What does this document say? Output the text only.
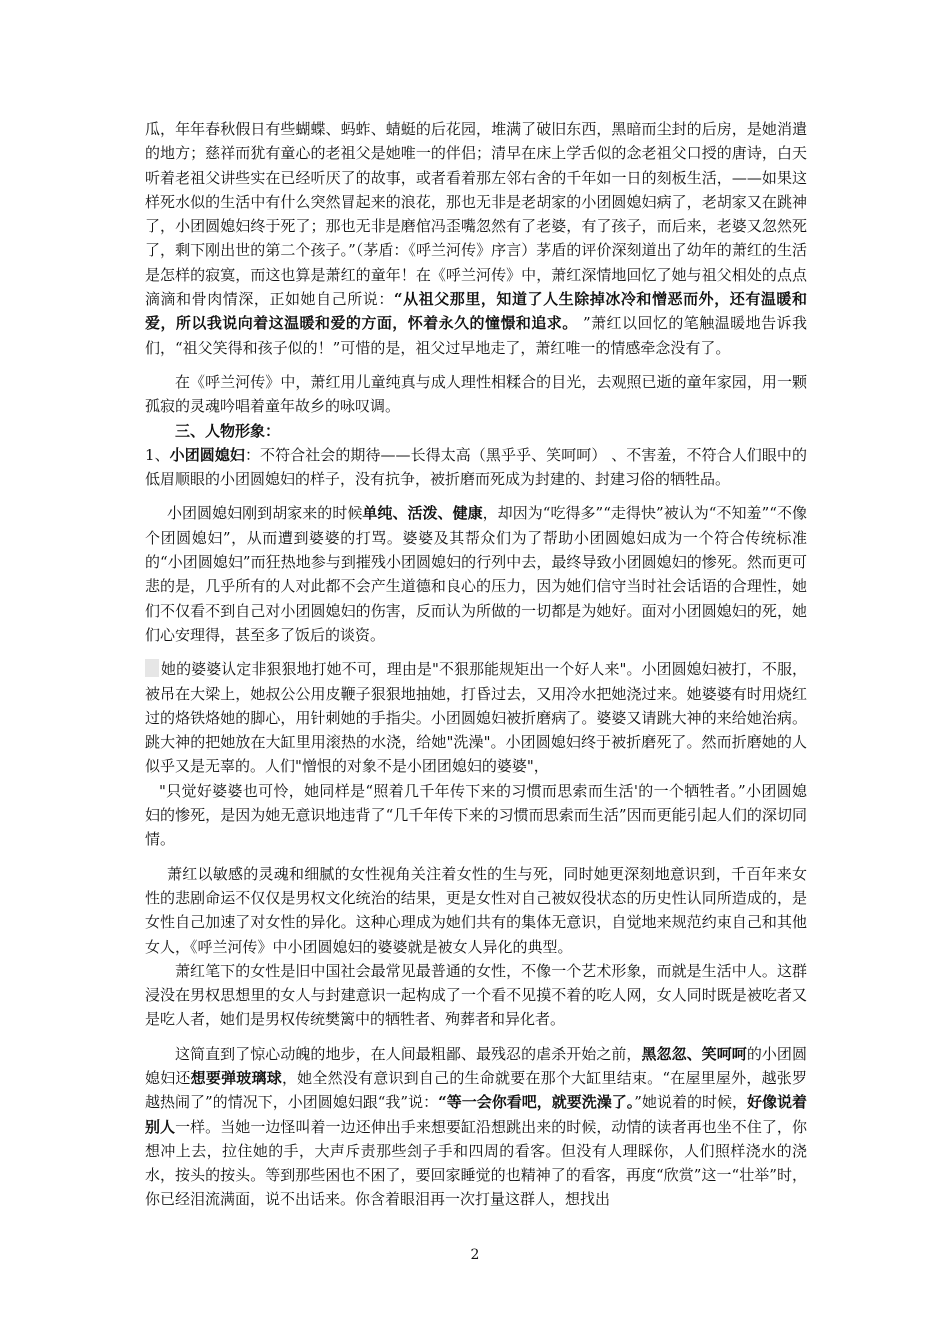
瓜，年年春秋假日有些蝴蝶、蚂蚱、蜻蜓的后花园，堆满了破旧东西，黑暗而尘封的后房，是她消遣的地方；慈祥而犹有童心的老祖父是她唯一的伴侣；清早在床上学舌似的念老祖父口授的唐诗，白天听着老祖父讲些实在已经听厌了的故事，或者看着那左邻右舍的千年如一日的刻板生活，——如果这样死水似的生活中有什么突然冒起来的浪花，那也无非是老胡家的小团圆媳妇病了，老胡家又在跳神了，小团圆媳妇终于死了；那也无非是磨倌冯歪嘴忽然有了老婆，有了孩子，而后来，老婆又忽然死了，剩下刚出世的第二个孩子。”（茅盾：《呼兰河传》序言）茅盾的评价深刻道出了幼年的萧红的生活是怎样的寂寞，而这也算是萧红的童年！在《呼兰河传》中，萧红深情地回忆了她与祖父相处的点点滴滴和骨肉情深，正如她自己所说：“从祖父那里，知道了人生除掉冰冷和憎恶而外，还有温暖和爱，所以我说向着这温暖和爱的方面，怀着永久的憧憬和追求。 ”萧红以回忆的笔触温暖地告诉我们，“祖父笑得和孩子似的！”可惜的是，祖父过早地走了，萧红唯一的情感牵念没有了。

在《呼兰河传》中，萧红用儿童纯真与成人理性相糅合的目光，去观照已逝的童年家园，用一颗孤寂的灵魂吟唱着童年故乡的咏叹调。

三、人物形象：

1、小团圆媳妇：不符合社会的期待——长得太高（黑乎乎、笑呵呵） 、不害羞，不符合人们眼中的低眉顺眼的小团圆媳妇的样子，没有抗争，被折磨而死成为封建的、封建习俗的牺牲品。

小团圆媳妇刚到胡家来的时候单纯、活泼、健康，却因为“吃得多”“走得快”被认为“不知羞”“不像个团圆媳妇”，从而遭到婆婆的打骂。婆婆及其帮众们为了帮助小团圆媳妇成为一个符合传统标准的“小团圆媳妇”而狂热地参与到摧残小团圆媳妇的行列中去，最终导致小团圆媳妇的惨死。然而更可悲的是，几乎所有的人对此都不会产生道德和良心的压力，因为她们信守当时社会话语的合理性，她们不仅看不到自己对小团圆媳妇的伤害，反而认为所做的一切都是为她好。面对小团圆媳妇的死，她们心安理得，甚至多了饭后的谈资。

她的婆婆认定非狠狠地打她不可，理由是"不狠那能规矩出一个好人来"。小团圆媳妇被打，不服，被吊在大梁上，她叔公公用皮鞭子狠狠地抽她，打昏过去，又用冷水把她浇过来。她婆婆有时用烧红过的烙铁烙她的脚心，用针刺她的手指尖。小团圆媳妇被折磨病了。婆婆又请跳大神的来给她治病。跳大神的把她放在大缸里用滚热的水浇，给她"洗澡"。小团圆媳妇终于被折磨死了。然而折磨她的人似乎又是无辜的。人们"憎恨的对象不是小团团媳妇的婆婆"，

"只觉好婆婆也可怜，她同样是“照着几千年传下来的习惯而思索而生活'的一个牺牲者。”小团圆媳妇的惨死，是因为她无意识地违背了“几千年传下来的习惯而思索而生活”因而更能引起人们的深切同情。

萧红以敏感的灵魂和细腻的女性视角关注着女性的生与死，同时她更深刻地意识到，千百年来女性的悲剧命运不仅仅是男权文化统治的结果，更是女性对自己被奴役状态的历史性认同所造成的，是女性自己加速了对女性的异化。这种心理成为她们共有的集体无意识，自觉地来规范约束自己和其他女人，《呼兰河传》中小团圆媳妇的婆婆就是被女人异化的典型。

萧红笔下的女性是旧中国社会最常见最普通的女性，不像一个艺术形象，而就是生活中人。这群浸没在男权思想里的女人与封建意识一起构成了一个看不见摸不着的吃人网，女人同时既是被吃者又是吃人者，她们是男权传统樊篱中的牺牲者、殉葬者和异化者。

这简直到了惊心动魄的地步，在人间最粗鄙、最残忍的虐杀开始之前，黑忽忽、笑呵呵的小团圆媳妇还想要弹玻璃球，她全然没有意识到自己的生命就要在那个大缸里结束。“在屋里屋外，越张罗越热闹了”的情况下，小团圆媳妇跟“我”说：“等一会你看吧，就要洗澡了。”她说着的时候，好像说着别人一样。当她一边怪叫着一边还伸出手来想要缸沿想跳出来的时候，动情的读者再也坐不住了，你想冲上去，拉住她的手，大声斥责那些刽子手和四周的看客。但没有人理睬你，人们照样浇水的浇水，按头的按头。等到那些困也不困了，要回家睡觉的也精神了的看客，再度“欣赏”这一“壮举”时，你已经泪流满面，说不出话来。你含着眼泪再一次打量这群人，想找出

2
